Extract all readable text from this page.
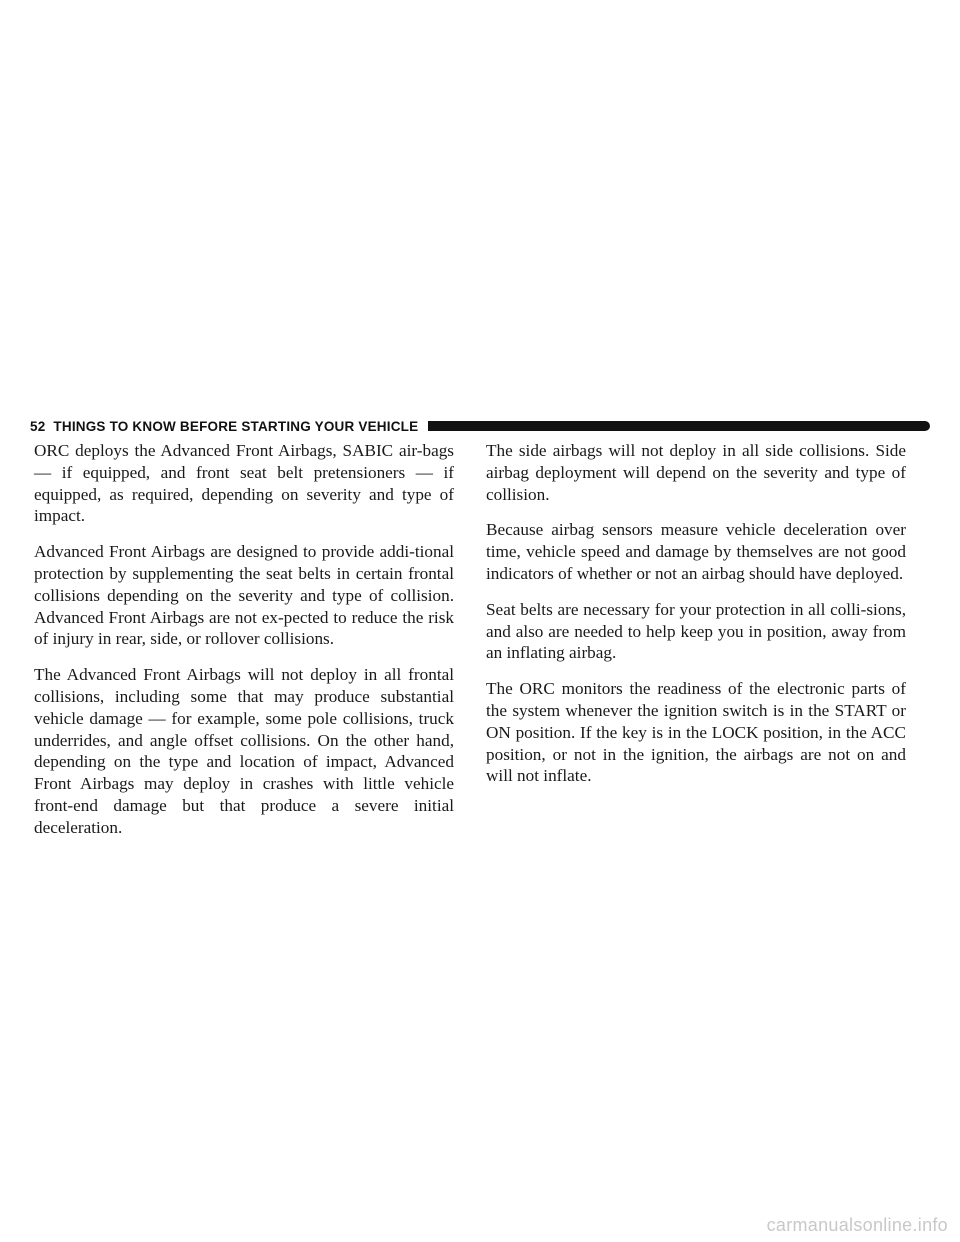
52 THINGS TO KNOW BEFORE STARTING YOUR VEHICLE

ORC deploys the Advanced Front Airbags, SABIC air-bags — if equipped, and front seat belt pretensioners — if equipped, as required, depending on severity and type of impact.

Advanced Front Airbags are designed to provide addi-tional protection by supplementing the seat belts in certain frontal collisions depending on the severity and type of collision. Advanced Front Airbags are not ex-pected to reduce the risk of injury in rear, side, or rollover collisions.

The Advanced Front Airbags will not deploy in all frontal collisions, including some that may produce substantial vehicle damage — for example, some pole collisions, truck underrides, and angle offset collisions. On the other hand, depending on the type and location of impact, Advanced Front Airbags may deploy in crashes with little vehicle front-end damage but that produce a severe initial deceleration.

The side airbags will not deploy in all side collisions. Side airbag deployment will depend on the severity and type of collision.

Because airbag sensors measure vehicle deceleration over time, vehicle speed and damage by themselves are not good indicators of whether or not an airbag should have deployed.

Seat belts are necessary for your protection in all colli-sions, and also are needed to help keep you in position, away from an inflating airbag.

The ORC monitors the readiness of the electronic parts of the system whenever the ignition switch is in the START or ON position. If the key is in the LOCK position, in the ACC position, or not in the ignition, the airbags are not on and will not inflate.

carmanualsonline.info
